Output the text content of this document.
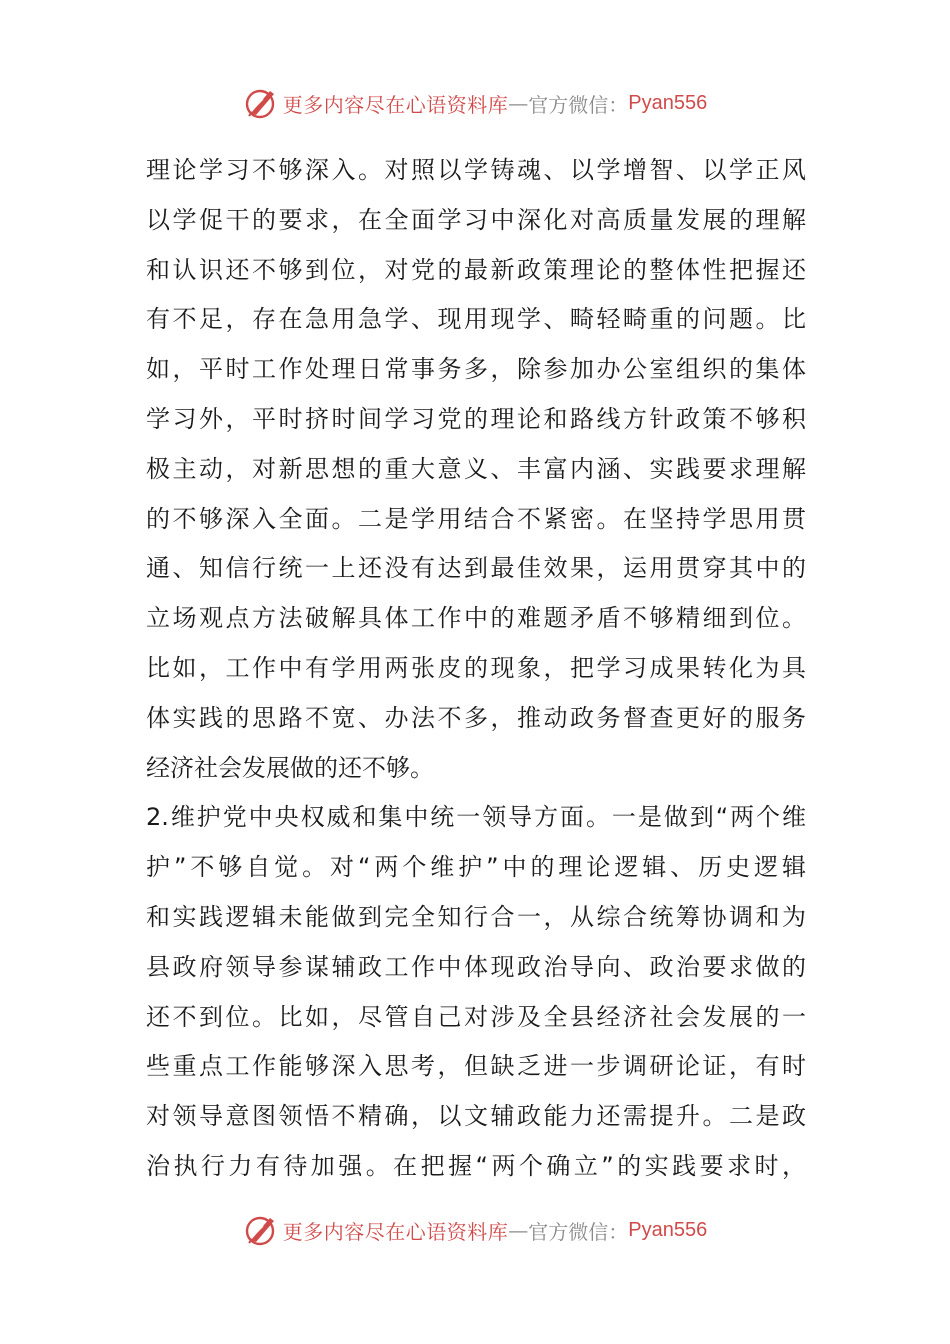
更多内容尽在心语资料库 — 官方微信： Pyan556
理论学习不够深入。对照以学铸魂、以学增智、以学正风
以学促干的要求，在全面学习中深化对高质量发展的理解
和认识还不够到位，对党的最新政策理论的整体性把握还
有不足，存在急用急学、现用现学、畸轻畸重的问题。比
如，平时工作处理日常事务多，除参加办公室组织的集体
学习外，平时挤时间学习党的理论和路线方针政策不够积
极主动，对新思想的重大意义、丰富内涵、实践要求理解
的不够深入全面。二是学用结合不紧密。在坚持学思用贯
通、知信行统一上还没有达到最佳效果，运用贯穿其中的
立场观点方法破解具体工作中的难题矛盾不够精细到位。
比如，工作中有学用两张皮的现象，把学习成果转化为具
体实践的思路不宽、办法不多，推动政务督查更好的服务
经济社会发展做的还不够。
2.维护党中央权威和集中统一领导方面。一是做到“两个维
护”不够自觉。对“两个维护”中的理论逻辑、历史逻辑
和实践逻辑未能做到完全知行合一，从综合统筹协调和为
县政府领导参谋辅政工作中体现政治导向、政治要求做的
还不到位。比如，尽管自己对涉及全县经济社会发展的一
些重点工作能够深入思考，但缺乏进一步调研论证，有时
对领导意图领悟不精确，以文辅政能力还需提升。二是政
治执行力有待加强。在把握“两个确立”的实践要求时，
更多内容尽在心语资料库 — 官方微信： Pyan556
